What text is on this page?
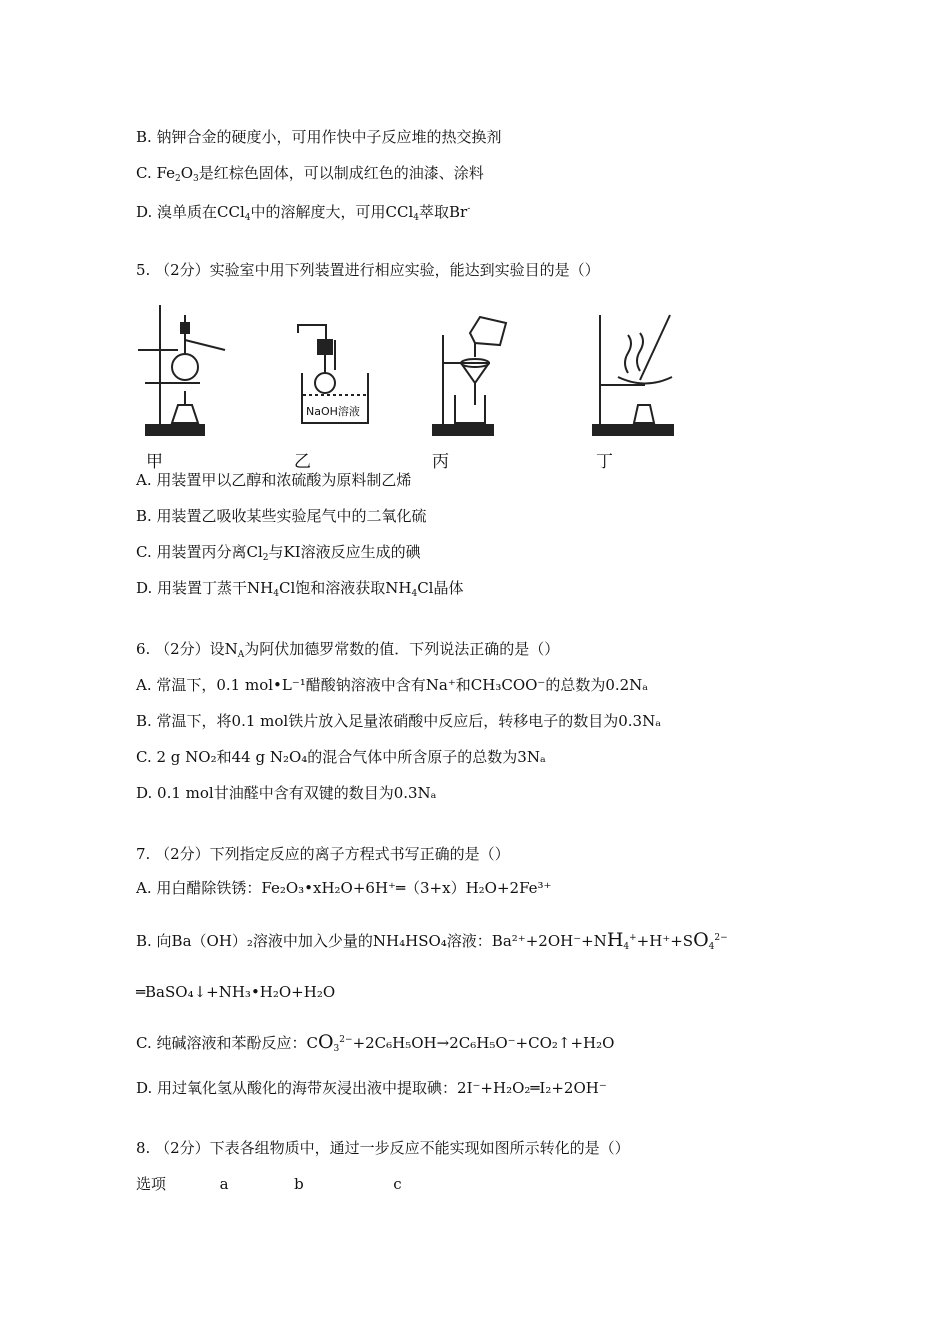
B. 钠钾合金的硬度小，可用作快中子反应堆的热交换剂
C. $Fe_2O_3$是红棕色固体，可以制成红色的油漆、涂料
D. 溴单质在CCl$_4$中的溶解度大，可用CCl$_4$萃取Br-
5. （2分）实验室中用下列装置进行相应实验，能达到实验目的是（）
NaOH溶液
甲	乙	丙	丁
A. 用装置甲以乙醇和浓硫酸为原料制乙烯
B. 用装置乙吸收某些实验尾气中的二氧化硫
C. 用装置丙分离$Cl_2$与KI溶液反应生成的碘
D. 用装置丁蒸干$NH_4Cl$饱和溶液获取$NH_4Cl$晶体
6. （2分）设$N_A$为阿伏加德罗常数的值．下列说法正确的是（）
A. 常温下，0.1 mol•L⁻¹醋酸钠溶液中含有Na⁺和CH₃COO⁻的总数为0.2Nₐ
B. 常温下，将0.1 mol铁片放入足量浓硝酸中反应后，转移电子的数目为0.3Nₐ
C. 2 g NO₂和44 g N₂O₄的混合气体中所含原子的总数为3Nₐ
D. 0.1 mol甘油醛中含有双键的数目为0.3Nₐ
7. （2分）下列指定反应的离子方程式书写正确的是（）
A. 用白醋除铁锈：Fe₂O₃•xH₂O+6H⁺═（3+x）H₂O+2Fe³⁺
B. 向Ba（OH）₂溶液中加入少量的NH₄HSO₄溶液：$Ba^{2+}+2OH^-+NH_4^++H^++SO_4^{2-}$
═BaSO₄↓+NH₃•H₂O+H₂O
C. 纯碱溶液和苯酚反应：$CO_3^{2-}+2C_6H_5OH\to 2C_6H_5O^-+CO_2↑+H_2O$
D. 用过氧化氢从酸化的海带灰浸出液中提取碘：2I⁻+H₂O₂═I₂+2OH⁻
8. （2分）下表各组物质中，通过一步反应不能实现如图所示转化的是（）
选项	a	b	c
